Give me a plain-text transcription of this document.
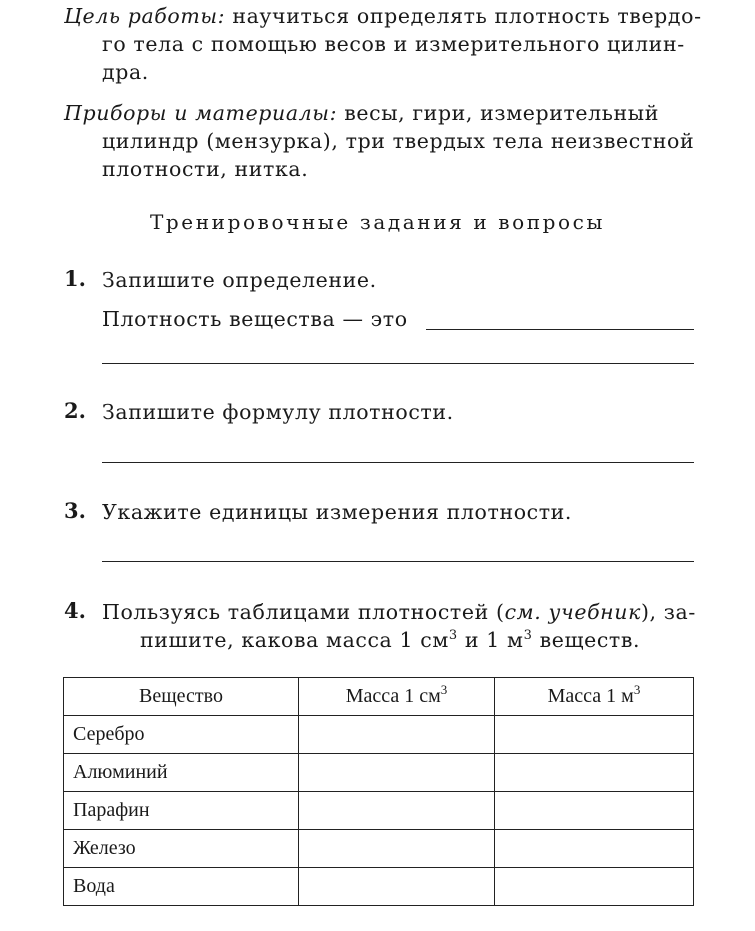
Цель работы: научиться определять плотность твердо-
го тела с помощью весов и измерительного цилин-
дра.
Приборы и материалы: весы, гири, измерительный
цилиндр (мензурка), три твердых тела неизвестной
плотности, нитка.
Тренировочные задания и вопросы
1. Запишите определение.
Плотность вещества — это
2. Запишите формулу плотности.
3. Укажите единицы измерения плотности.
4. Пользуясь таблицами плотностей (см. учебник), за-
пишите, какова масса 1 $см^3$ и 1 $м^3$ веществ.
Вещество	Масса 1 $см^3$	Масса 1 $м^3$
Серебро		
Алюминий		
Парафин		
Железо		
Вода		
